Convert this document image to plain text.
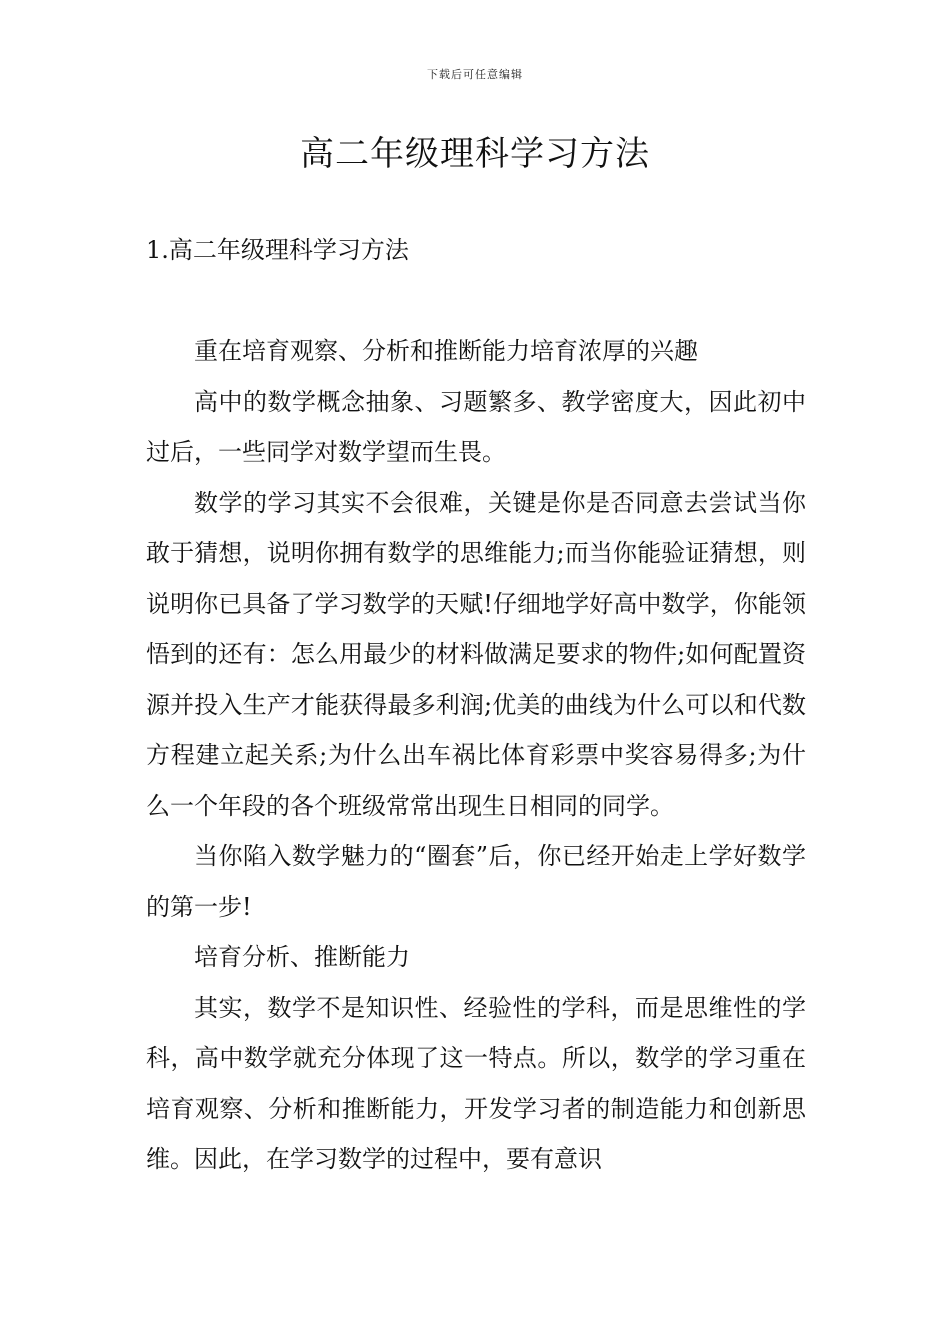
下载后可任意编辑
高二年级理科学习方法
1.高二年级理科学习方法

重在培育观察、分析和推断能力培育浓厚的兴趣

高中的数学概念抽象、习题繁多、教学密度大，因此初中过后，一些同学对数学望而生畏。

数学的学习其实不会很难，关键是你是否同意去尝试当你敢于猜想，说明你拥有数学的思维能力;而当你能验证猜想，则说明你已具备了学习数学的天赋!仔细地学好高中数学，你能领悟到的还有：怎么用最少的材料做满足要求的物件;如何配置资源并投入生产才能获得最多利润;优美的曲线为什么可以和代数方程建立起关系;为什么出车祸比体育彩票中奖容易得多;为什么一个年段的各个班级常常出现生日相同的同学。

当你陷入数学魅力的“圈套”后，你已经开始走上学好数学的第一步!

培育分析、推断能力

其实，数学不是知识性、经验性的学科，而是思维性的学科，高中数学就充分体现了这一特点。所以，数学的学习重在培育观察、分析和推断能力，开发学习者的制造能力和创新思维。因此，在学习数学的过程中，要有意识
